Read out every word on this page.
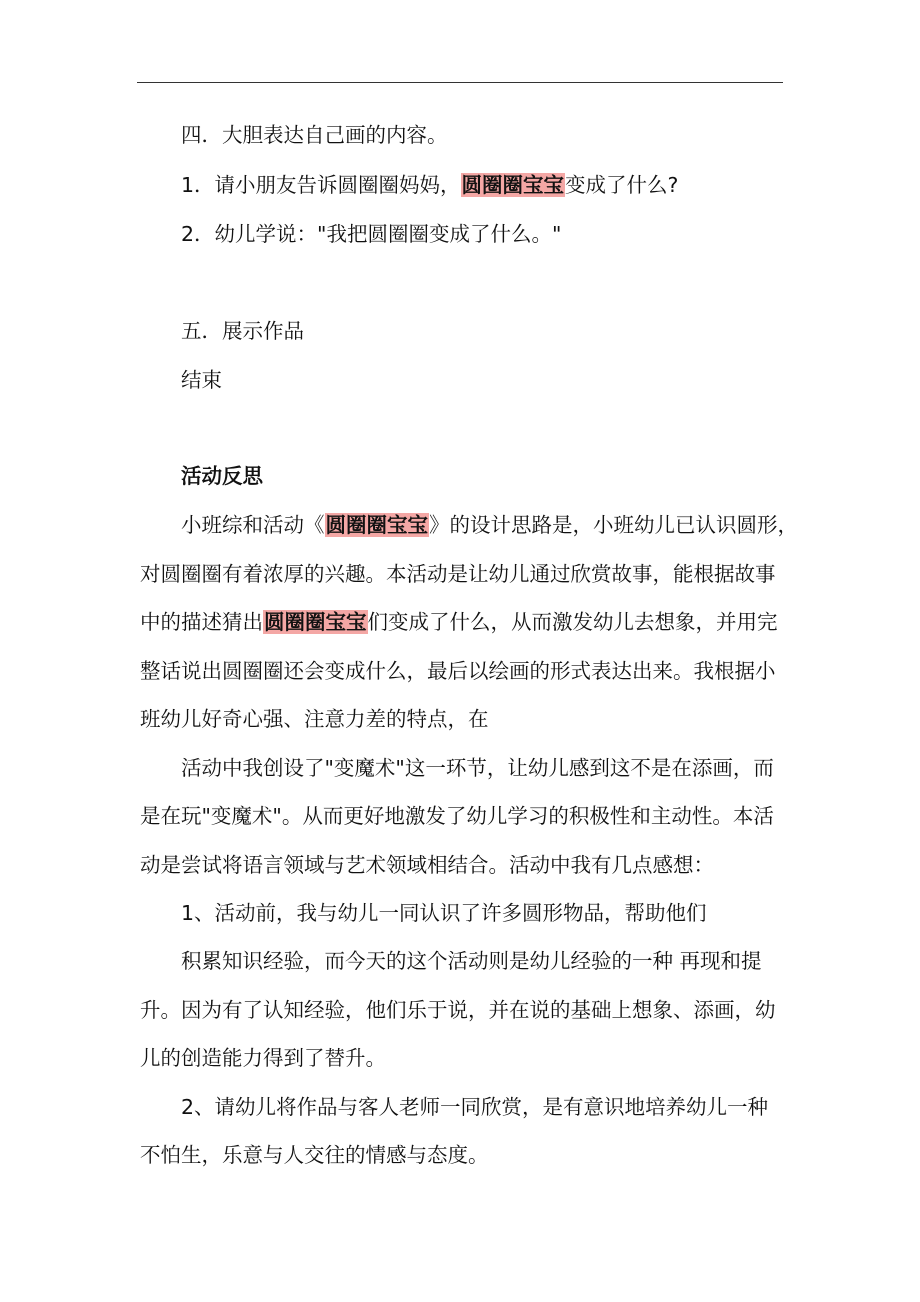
四．大胆表达自己画的内容。

1．请小朋友告诉圆圈圈妈妈，圆圈圈宝宝变成了什么?

2．幼儿学说："我把圆圈圈变成了什么。"

五．展示作品

结束

活动反思

小班综和活动《圆圈圈宝宝》的设计思路是，小班幼儿已认识圆形，

对圆圈圈有着浓厚的兴趣。本活动是让幼儿通过欣赏故事，能根据故事

中的描述猜出圆圈圈宝宝们变成了什么，从而激发幼儿去想象，并用完

整话说出圆圈圈还会变成什么，最后以绘画的形式表达出来。我根据小

班幼儿好奇心强、注意力差的特点，在

活动中我创设了"变魔术"这一环节，让幼儿感到这不是在添画，而

是在玩"变魔术"。从而更好地激发了幼儿学习的积极性和主动性。本活

动是尝试将语言领域与艺术领域相结合。活动中我有几点感想：

1、活动前，我与幼儿一同认识了许多圆形物品，帮助他们

积累知识经验，而今天的这个活动则是幼儿经验的一种 再现和提

升。因为有了认知经验，他们乐于说，并在说的基础上想象、添画，幼

儿的创造能力得到了替升。

2、请幼儿将作品与客人老师一同欣赏，是有意识地培养幼儿一种

不怕生，乐意与人交往的情感与态度。
